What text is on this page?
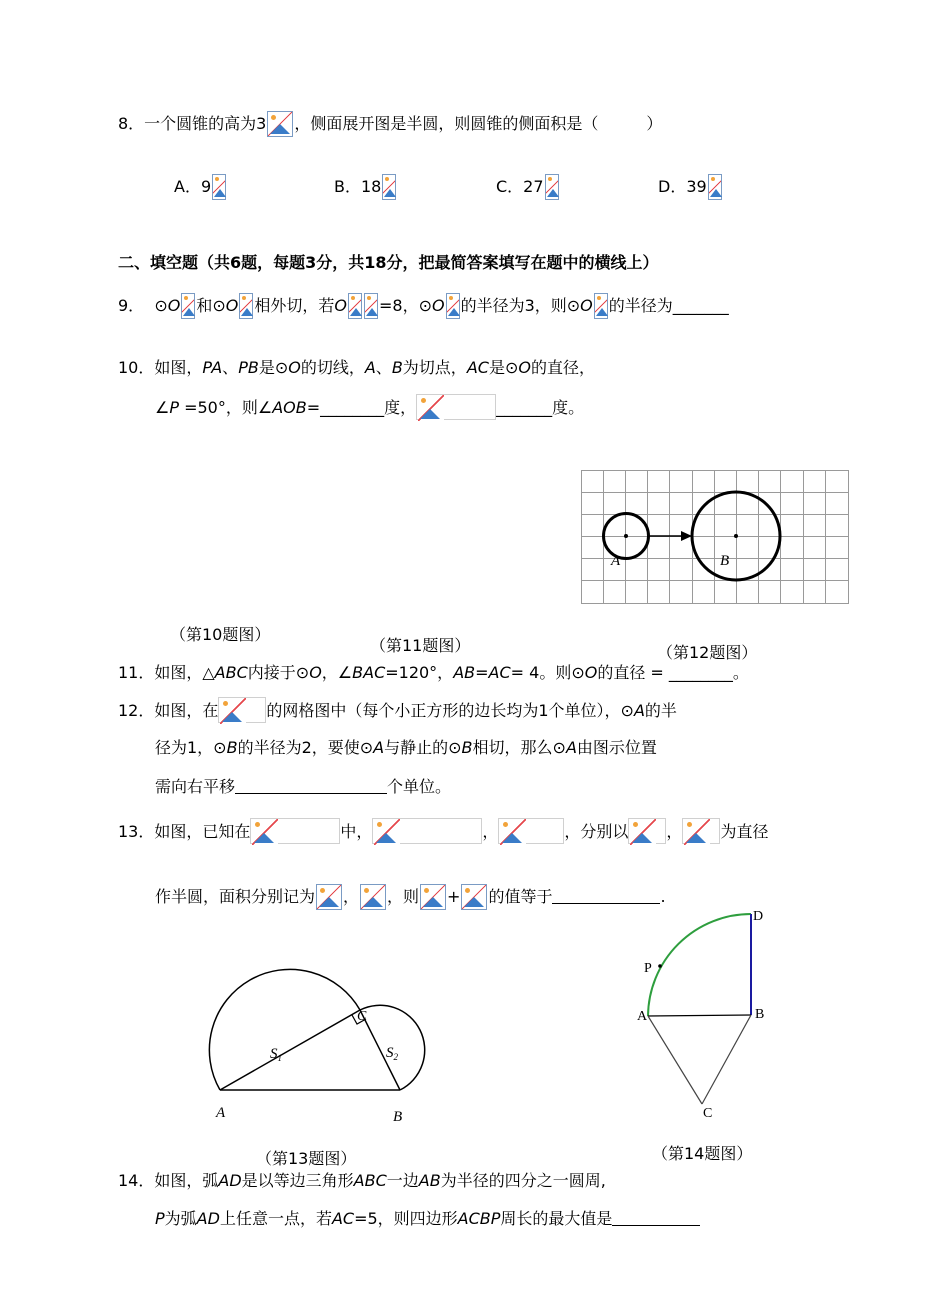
8．一个圆锥的高为3 ，侧面展开图是半圆，则圆锥的侧面积是（　　　）
A．9	B．18	C．27	D．39
二、填空题（共6题，每题3分，共18分，把最简答案填写在题中的横线上）
9． ⊙O 和⊙O 相外切，若O =8，⊙O 的半径为3，则⊙O 的半径为_______
10．如图，PA、PB是⊙O的切线，A、B为切点，AC是⊙O的直径，
∠P =50°，则∠AOB=________度，	_______度。
A	B
（第10题图）
（第11题图）	（第12题图）
11．如图，△ABC内接于⊙O，∠BAC=120°，AB=AC= 4。则⊙O的直径 = ________。
12．如图，在	的网格图中（每个小正方形的边长均为1个单位），⊙A的半
径为1，⊙B的半径为2，要使⊙A与静止的⊙B相切，那么⊙A由图示位置
需向右平移	个单位。
13．如图，已知在	中，	，	，分别以 ， 为直径
作半圆，面积分别记为 ， ，则 + 的值等于	.
A	B
C
$S_1$	$S_2$
A	B
C
D
P
（第13题图）	（第14题图）
14．如图，弧AD是以等边三角形ABC一边AB为半径的四分之一圆周,
P为弧AD上任意一点，若AC=5，则四边形ACBP周长的最大值是
